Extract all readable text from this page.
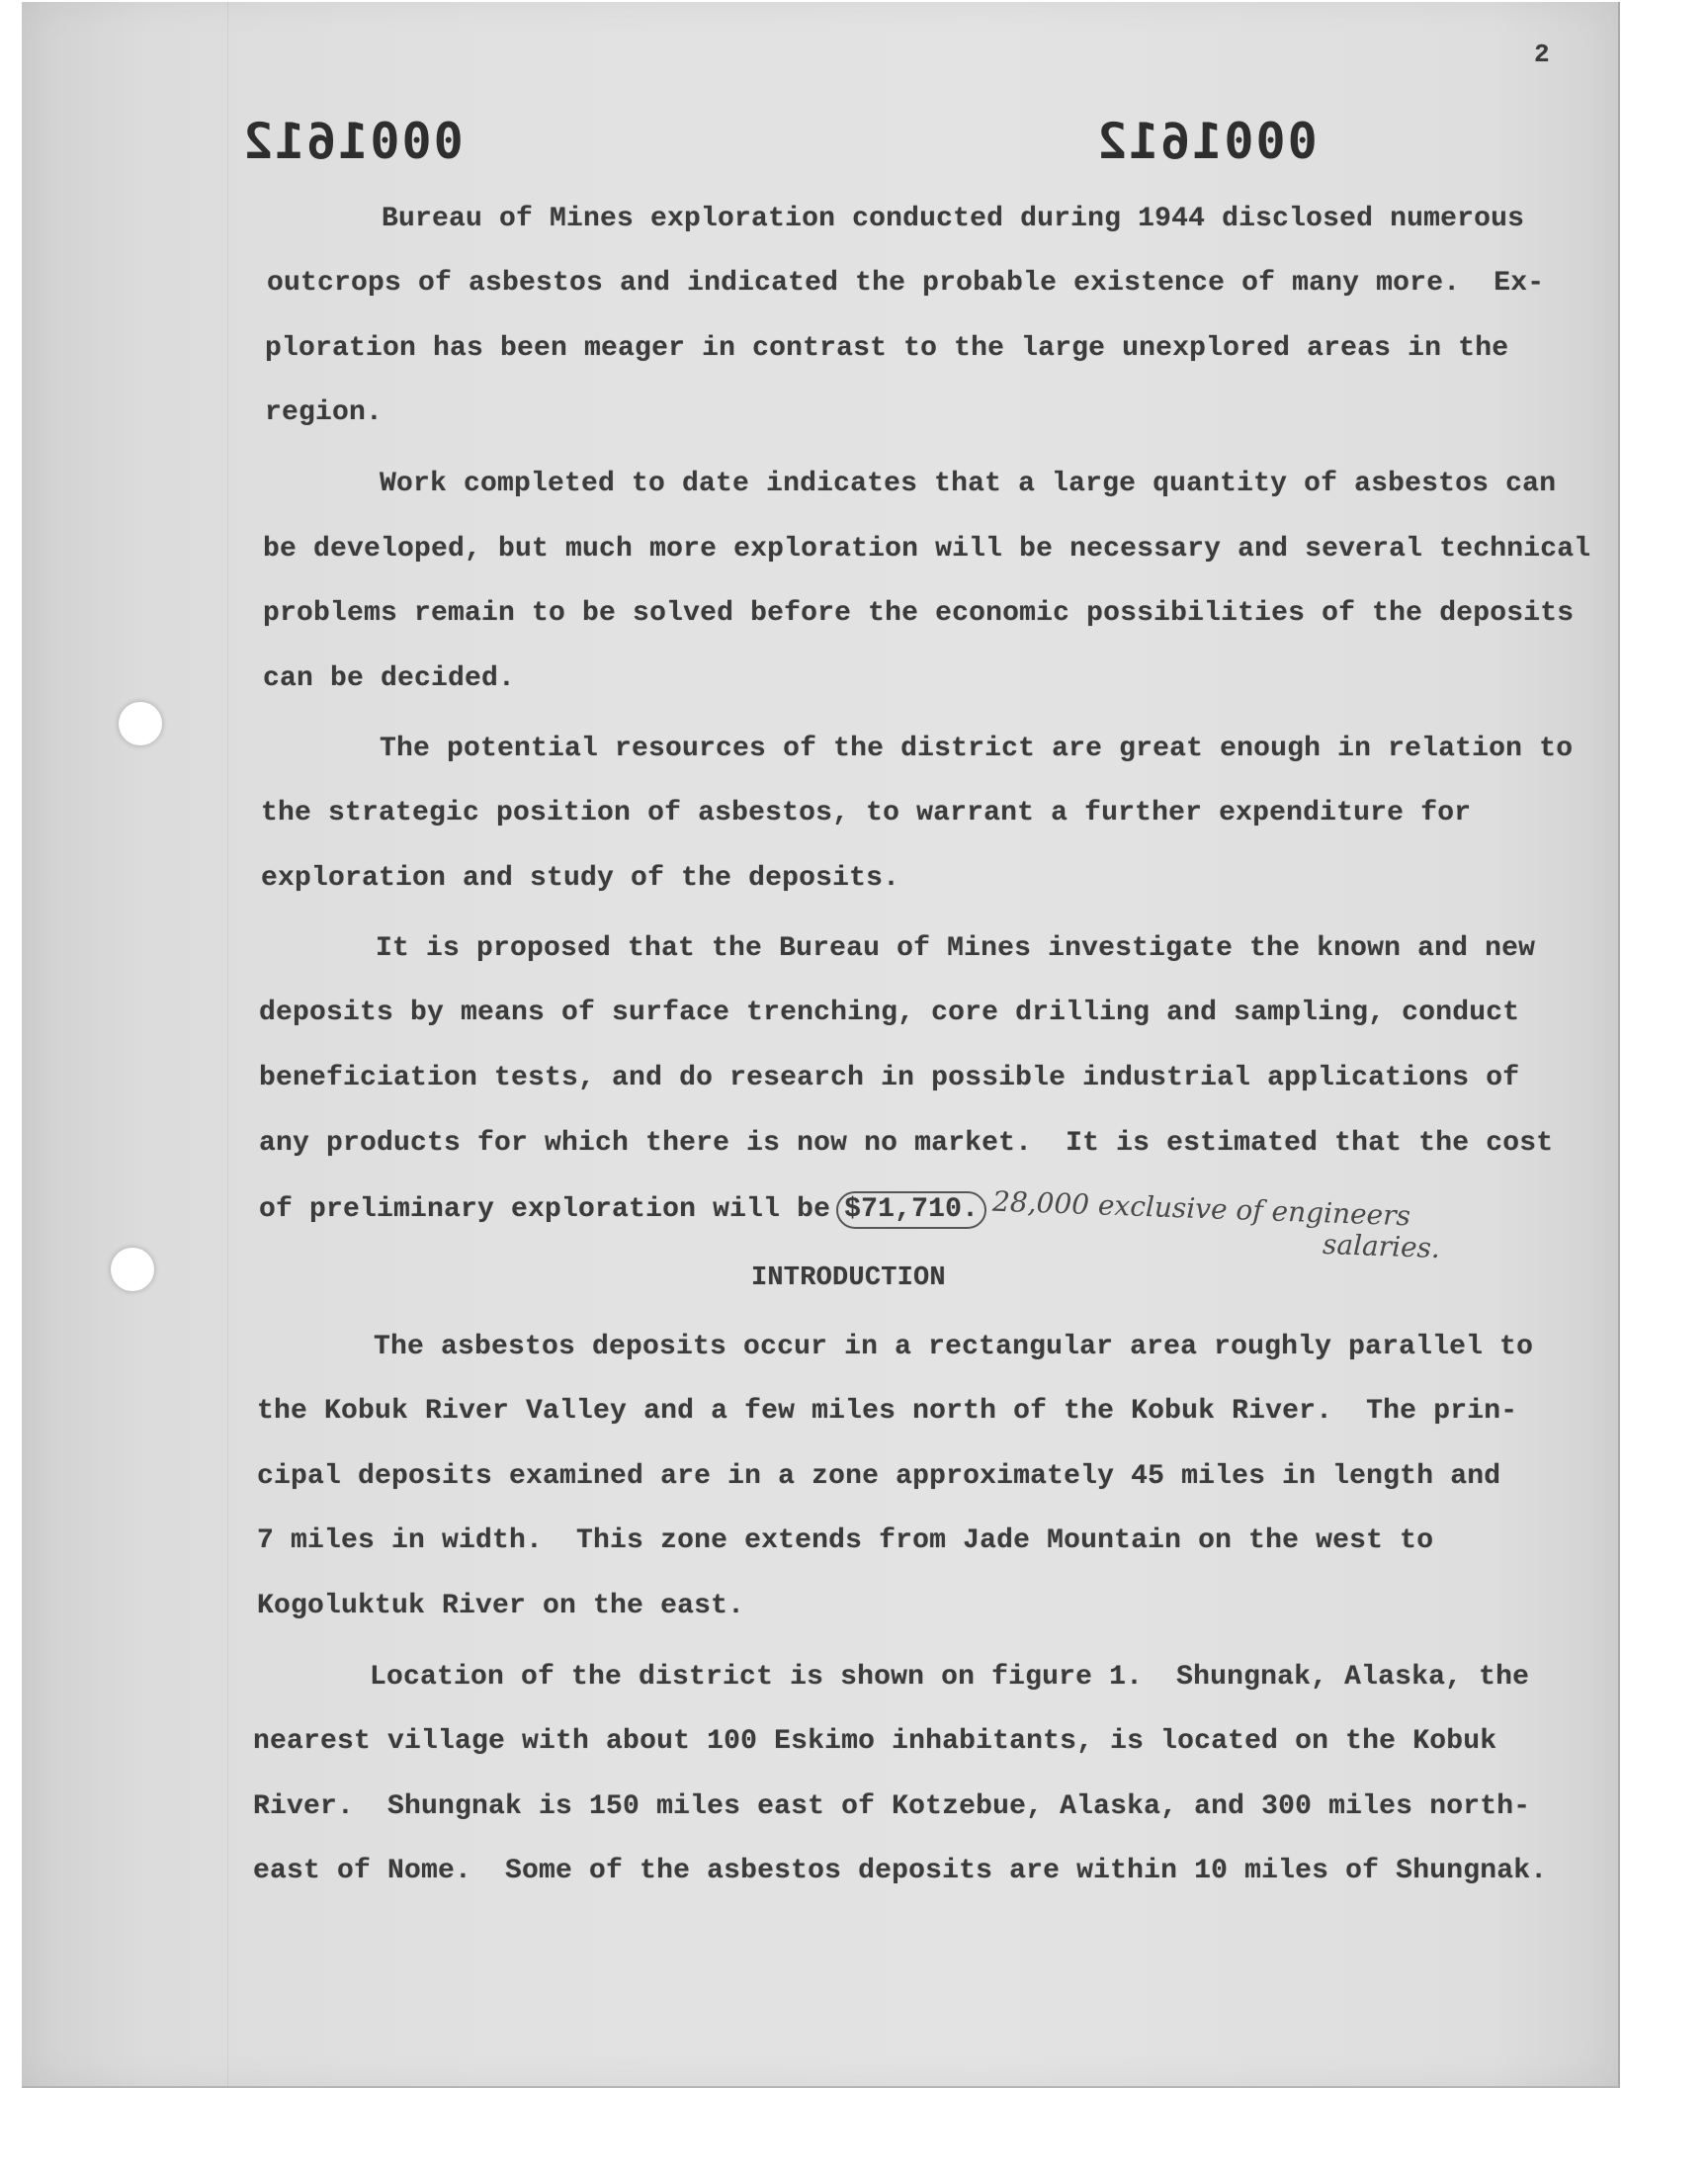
2
0001612	0001612
Bureau of Mines exploration conducted during 1944 disclosed numerous
outcrops of asbestos and indicated the probable existence of many more.  Ex-
ploration has been meager in contrast to the large unexplored areas in the
region.
Work completed to date indicates that a large quantity of asbestos can
be developed, but much more exploration will be necessary and several technical
problems remain to be solved before the economic possibilities of the deposits
can be decided.
The potential resources of the district are great enough in relation to
the strategic position of asbestos, to warrant a further expenditure for
exploration and study of the deposits.
It is proposed that the Bureau of Mines investigate the known and new
deposits by means of surface trenching, core drilling and sampling, conduct
beneficiation tests, and do research in possible industrial applications of
any products for which there is now no market.  It is estimated that the cost
of preliminary exploration will be $71,710. 28,000 exclusive of engineers
salaries.
INTRODUCTION
The asbestos deposits occur in a rectangular area roughly parallel to
the Kobuk River Valley and a few miles north of the Kobuk River.  The prin-
cipal deposits examined are in a zone approximately 45 miles in length and
7 miles in width.  This zone extends from Jade Mountain on the west to
Kogoluktuk River on the east.
Location of the district is shown on figure 1.  Shungnak, Alaska, the
nearest village with about 100 Eskimo inhabitants, is located on the Kobuk
River.  Shungnak is 150 miles east of Kotzebue, Alaska, and 300 miles north-
east of Nome.  Some of the asbestos deposits are within 10 miles of Shungnak.
